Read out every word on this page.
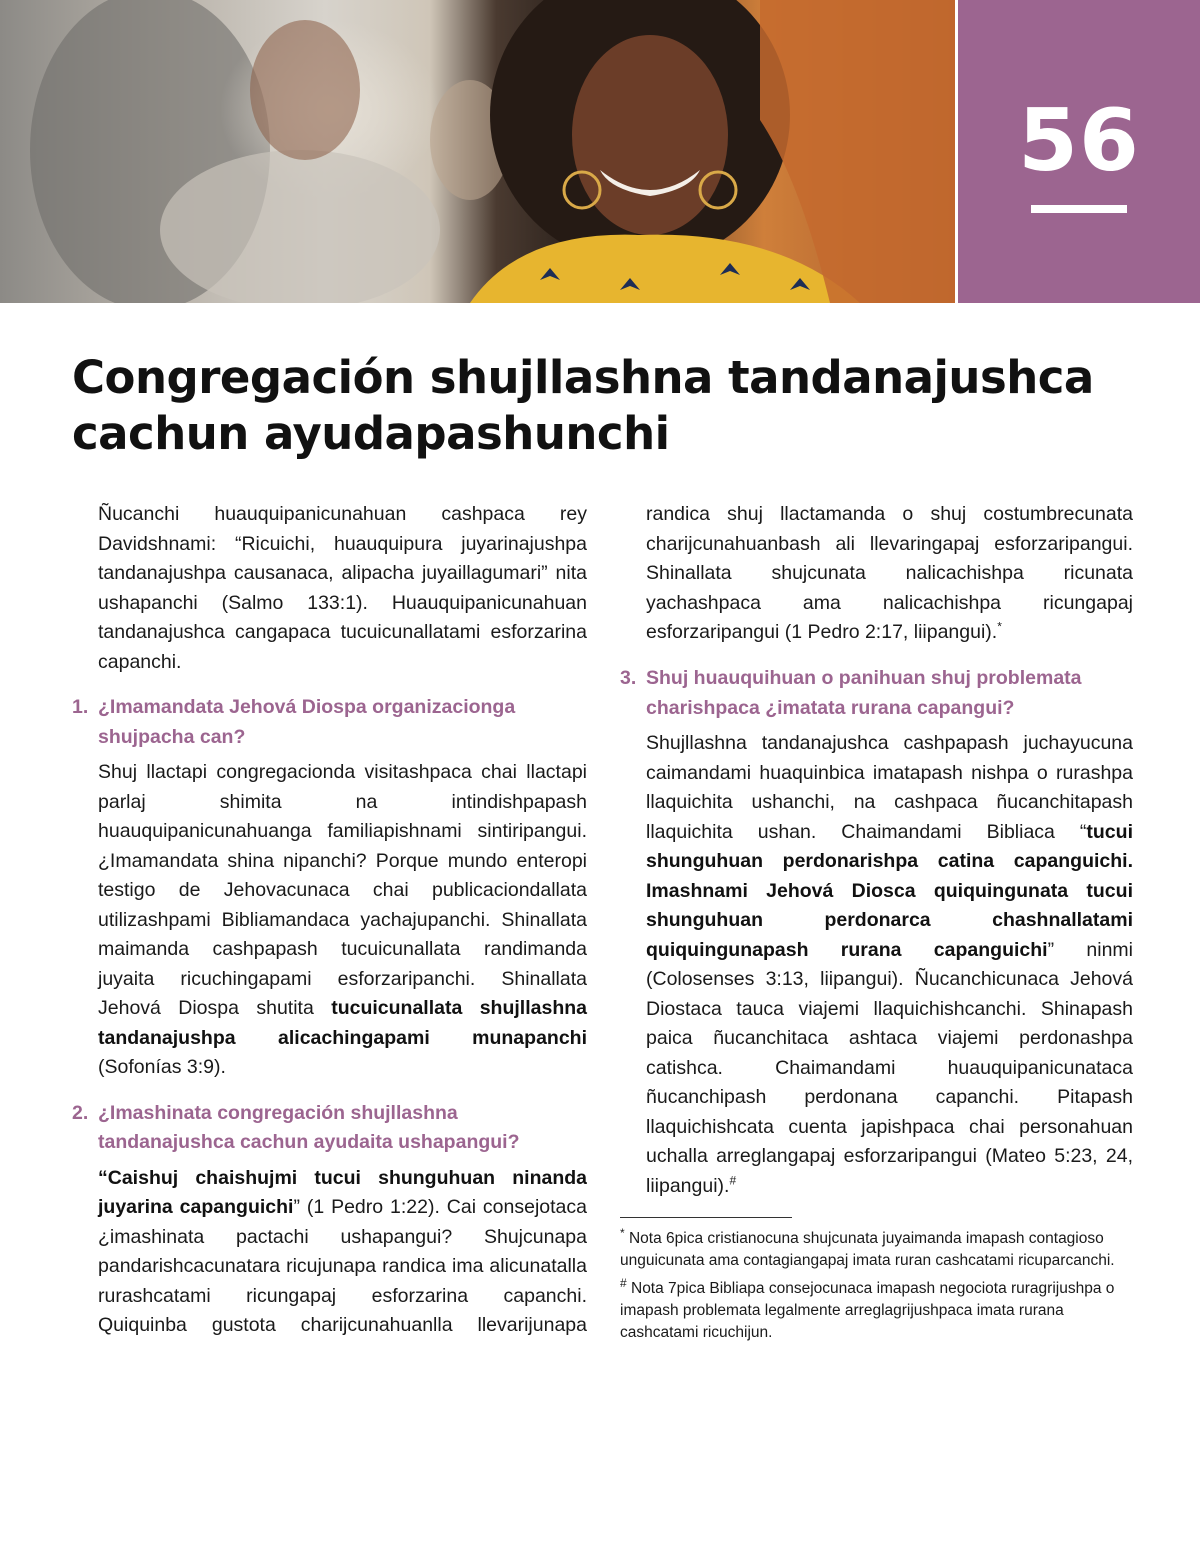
56
Congregación shujllashna tandanajushca cachun ayudapashunchi

Ñucanchi huauquipanicunahuan cashpaca rey Davidshnami: “Ricuichi, huauquipura juyarinajushpa tandanajushpa causanaca, alipacha juyaillagumari” nita ushapanchi (Salmo 133:1). Huauquipanicunahuan tandanajushca cangapaca tucuicunallatami esforzarina capanchi.

1. ¿Imamandata Jehová Diospa organizacionga shujpacha can?

Shuj llactapi congregacionda visitashpaca chai llactapi parlaj shimita na intindishpapash huauquipanicunahuanga familiapishnami sintiripangui. ¿Imamandata shina nipanchi? Porque mundo enteropi testigo de Jehovacunaca chai publicaciondallata utilizashpami Bibliamandaca yachajupanchi. Shinallata maimanda cashpapash tucuicunallata randimanda juyaita ricuchingapami esforzaripanchi. Shinallata Jehová Diospa shutita tucuicunallata shujllashna tandanajushpa alicachingapami munapanchi (Sofonías 3:9).

2. ¿Imashinata congregación shujllashna tandanajushca cachun ayudaita ushapangui?

“Caishuj chaishujmi tucui shunguhuan ninanda juyarina capanguichi” (1 Pedro 1:22). Cai consejotaca ¿imashinata pactachi ushapangui? Shujcunapa pandarishcacunatara ricujunapa randica ima alicunatalla rurashcatami ricungapaj esforzarina capanchi. Quiquinba gustota charijcunahuanlla llevarijunapa

randica shuj llactamanda o shuj costumbrecunata charijcunahuanbash ali llevaringapaj esforzaripangui. Shinallata shujcunata nalicachishpa ricunata yachashpaca ama nalicachishpa ricungapaj esforzaripangui (1 Pedro 2:17, liipangui).*

3. Shuj huauquihuan o panihuan shuj problemata charishpaca ¿imatata rurana capangui?

Shujllashna tandanajushca cashpapash juchayucuna caimandami huaquinbica imatapash nishpa o rurashpa llaquichita ushanchi, na cashpaca ñucanchitapash llaquichita ushan. Chaimandami Bibliaca “tucui shunguhuan perdonarishpa catina capanguichi. Imashnami Jehová Diosca quiquingunata tucui shunguhuan perdonarca chashnallatami quiquingunapash rurana capanguichi” ninmi (Colosenses 3:13, liipangui). Ñucanchicunaca Jehová Diostaca tauca viajemi llaquichishcanchi. Shinapash paica ñucanchitaca ashtaca viajemi perdonashpa catishca. Chaimandami huauquipanicunataca ñucanchipash perdonana capanchi. Pitapash llaquichishcata cuenta japishpaca chai personahuan uchalla arreglangapaj esforzaripangui (Mateo 5:23, 24, liipangui).#

* Nota 6pica cristianocuna shujcunata juyaimanda imapash contagioso unguicunata ama contagiangapaj imata ruran cashcatami ricuparcanchi.

# Nota 7pica Bibliapa consejocunaca imapash negociota ruragrijushpa o imapash problemata legalmente arreglagrijushpaca imata rurana cashcatami ricuchijun.
